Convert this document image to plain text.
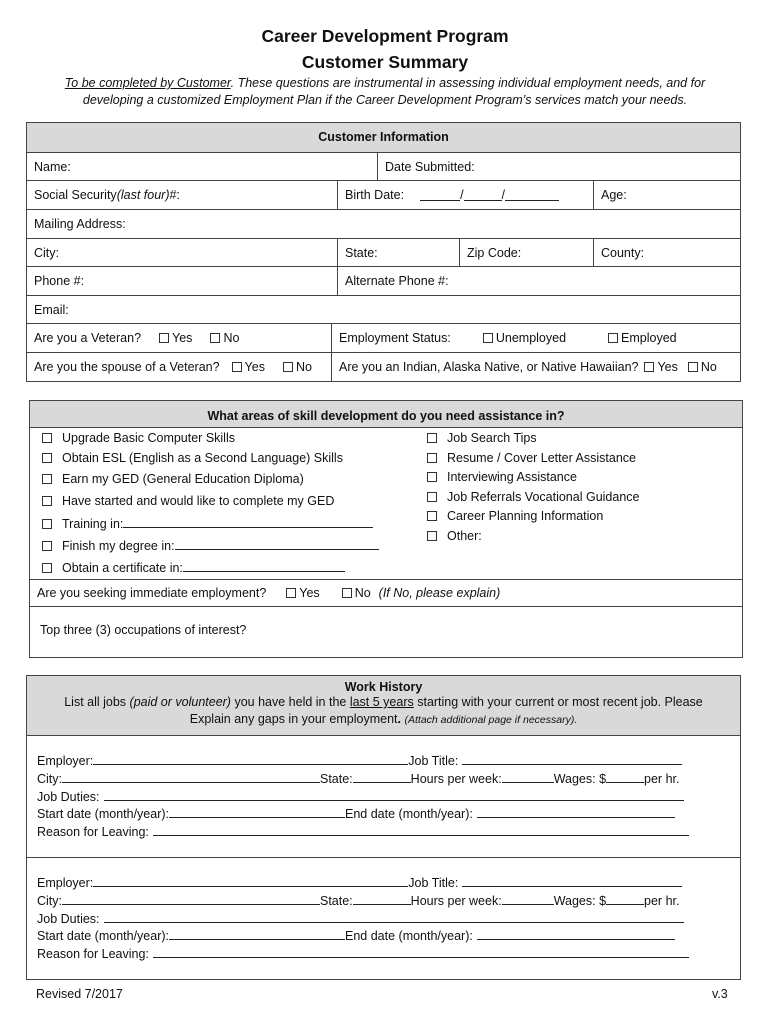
Career Development Program
Customer Summary
To be completed by Customer. These questions are instrumental in assessing individual employment needs, and for developing a customized Employment Plan if the Career Development Program’s services match your needs.
Customer Information
Name:	Date Submitted:
Social Security (last four) #:	Birth Date:	/	/	Age:
Mailing Address:
City:	State:	Zip Code:	County:
Phone #:	Alternate Phone #:
Email:
Are you a Veteran? Yes No	Employment Status:	Unemployed	Employed
Are you the spouse of a Veteran? Yes No Are you an Indian, Alaska Native, or Native Hawaiian? Yes No
What areas of skill development do you need assistance in?
Upgrade Basic Computer Skills
Obtain ESL (English as a Second Language) Skills
Earn my GED (General Education Diploma)
Have started and would like to complete my GED
Training in:
Finish my degree in:
Obtain a certificate in:
Job Search Tips
Resume / Cover Letter Assistance
Interviewing Assistance
Job Referrals Vocational Guidance
Career Planning Information
Other:
Are you seeking immediate employment?	Yes	No (If No, please explain)
Top three (3) occupations of interest?
Work History
List all jobs (paid or volunteer) you have held in the last 5 years starting with your current or most recent job. Please
Explain any gaps in your employment. (Attach additional page if necessary).
Employer:	Job Title:
City:	State:	Hours per week:	Wages: $	per hr.
Job Duties:
Start date (month/year):	End date (month/year):
Reason for Leaving:
Employer:	Job Title:
City:	State:	Hours per week:	Wages: $	per hr.
Job Duties:
Start date (month/year):	End date (month/year):
Reason for Leaving:
Revised 7/2017	v.3
